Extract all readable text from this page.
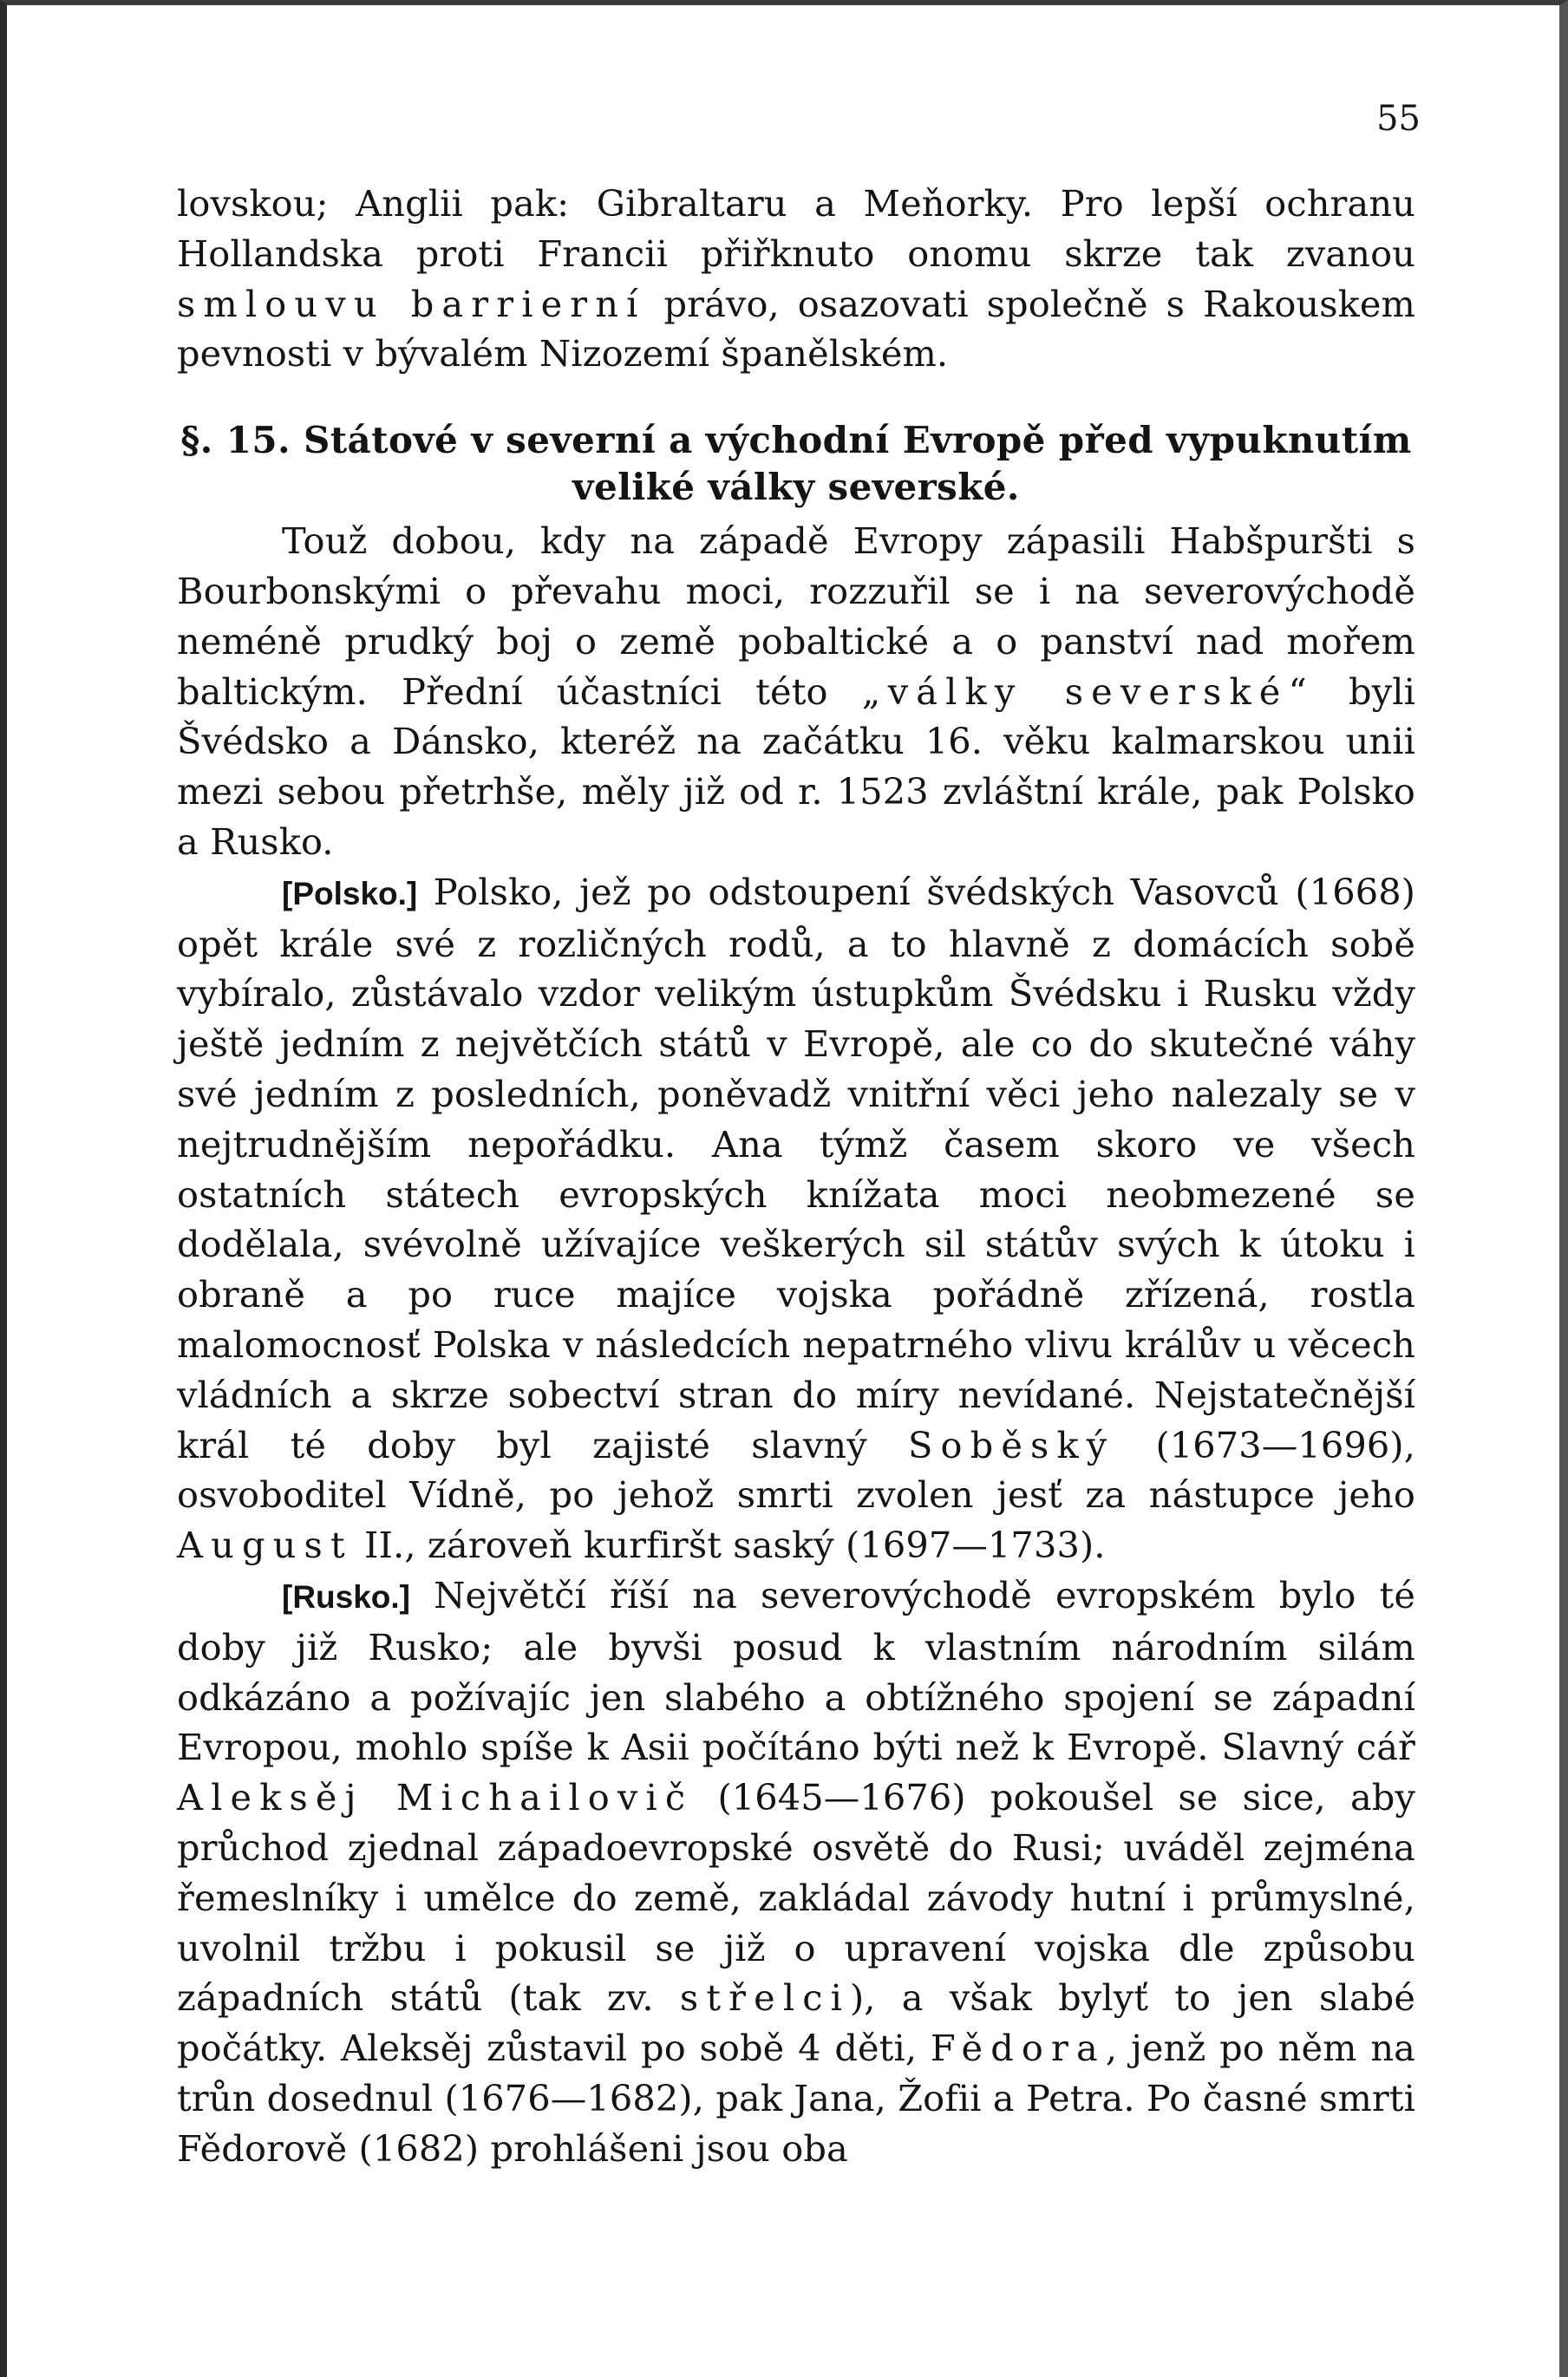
55

lovskou; Anglii pak: Gibraltaru a Meňorky. Pro lepší ochranu Hollandska proti Francii přiřknuto onomu skrze tak zvanou smlouvu barrierní právo, osazovati společně s Rakouskem pevnosti v bývalém Nizozemí španělském.

§. 15. Státové v severní a východní Evropě před vypuknutím veliké války severské.

Touž dobou, kdy na západě Evropy zápasili Habšpuršti s Bourbonskými o převahu moci, rozzuřil se i na severovýchodě neméně prudký boj o země pobaltické a o panství nad mořem baltickým. Přední účastníci této „války severské“ byli Švédsko a Dánsko, kteréž na začátku 16. věku kalmarskou unii mezi sebou přetrhše, měly již od r. 1523 zvláštní krále, pak Polsko a Rusko.

[Polsko.] Polsko, jež po odstoupení švédských Vasovců (1668) opět krále své z rozličných rodů, a to hlavně z domácích sobě vybíralo, zůstávalo vzdor velikým ústupkům Švédsku i Rusku vždy ještě jedním z největčích států v Evropě, ale co do skutečné váhy své jedním z posledních, poněvadž vnitřní věci jeho nalezaly se v nejtrudnějším nepořádku. Ana týmž časem skoro ve všech ostatních státech evropských knížata moci neobmezené se dodělala, svévolně užívajíce veškerých sil státův svých k útoku i obraně a po ruce majíce vojska pořádně zřízená, rostla malomocnosť Polska v následcích nepatrného vlivu králův u věcech vládních a skrze sobectví stran do míry nevídané. Nejstatečnější král té doby byl zajisté slavný Soběský (1673—1696), osvoboditel Vídně, po jehož smrti zvolen jesť za nástupce jeho August II., zároveň kurfiršt saský (1697—1733).

[Rusko.] Největčí říší na severovýchodě evropském bylo té doby již Rusko; ale byvši posud k vlastním národním silám odkázáno a požívajíc jen slabého a obtížného spojení se západní Evropou, mohlo spíše k Asii počítáno býti než k Evropě. Slavný cář Aleksěj Michailovič (1645—1676) pokoušel se sice, aby průchod zjednal západoevropské osvětě do Rusi; uváděl zejména řemeslníky i umělce do země, zakládal závody hutní i průmyslné, uvolnil tržbu i pokusil se již o upravení vojska dle způsobu západních států (tak zv. střelci), a však bylyť to jen slabé počátky. Aleksěj zůstavil po sobě 4 děti, Fědora, jenž po něm na trůn dosednul (1676—1682), pak Jana, Žofii a Petra. Po časné smrti Fědorově (1682) prohlášeni jsou oba
